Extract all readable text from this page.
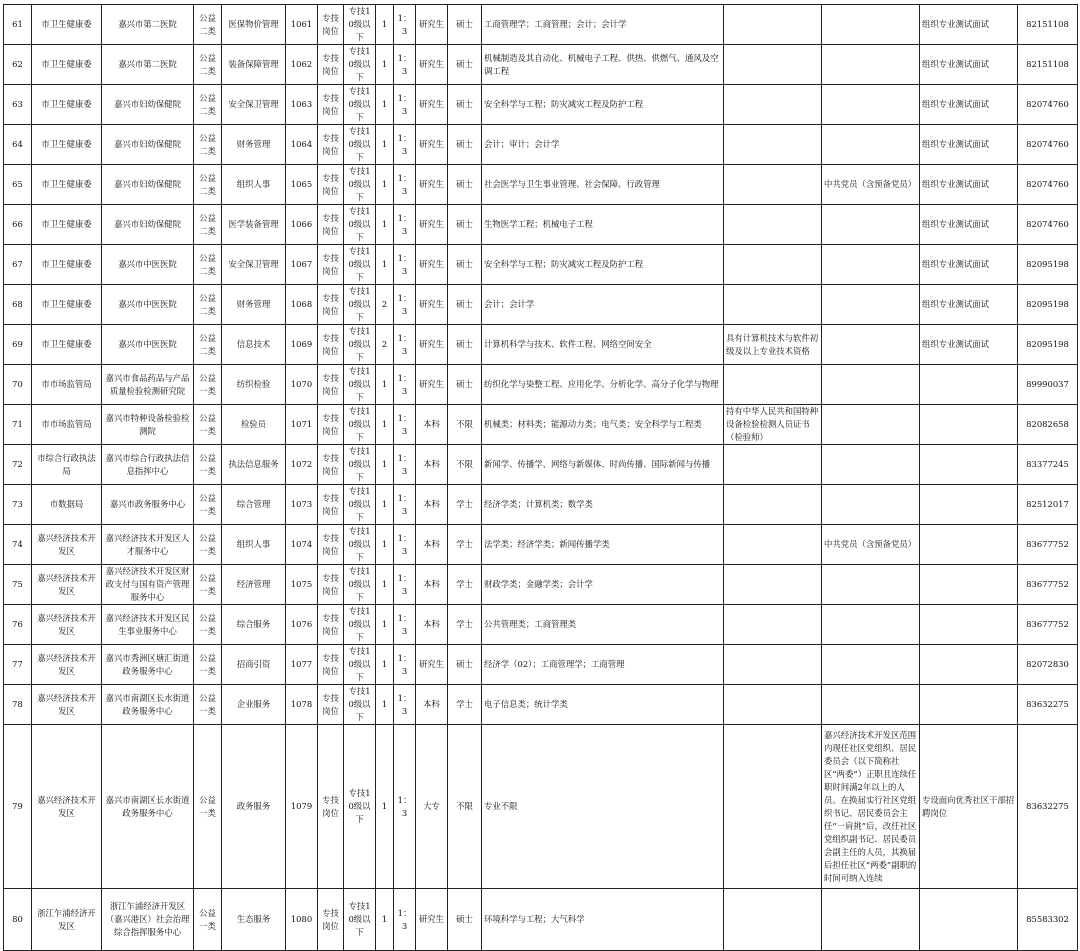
61	市卫生健康委	嘉兴市第二医院	公益二类	医保物价管理	1061	专技岗位	专技10级以下	1	1：3	研究生	硕士	工商管理学；工商管理；会计；会计学			组织专业测试面试	82151108

62	市卫生健康委	嘉兴市第二医院	公益二类	装备保障管理	1062	专技岗位	专技10级以下	1	1：3	研究生	硕士	机械制造及其自动化、机械电子工程、供热、供燃气、通风及空调工程			组织专业测试面试	82151108

63	市卫生健康委	嘉兴市妇幼保健院	公益二类	安全保卫管理	1063	专技岗位	专技10级以下	1	1：3	研究生	硕士	安全科学与工程；防灾减灾工程及防护工程			组织专业测试面试	82074760

64	市卫生健康委	嘉兴市妇幼保健院	公益二类	财务管理	1064	专技岗位	专技10级以下	1	1：3	研究生	硕士	会计；审计；会计学			组织专业测试面试	82074760

65	市卫生健康委	嘉兴市妇幼保健院	公益二类	组织人事	1065	专技岗位	专技10级以下	1	1：3	研究生	硕士	社会医学与卫生事业管理、社会保障、行政管理		中共党员（含预备党员）	组织专业测试面试	82074760

66	市卫生健康委	嘉兴市妇幼保健院	公益二类	医学装备管理	1066	专技岗位	专技10级以下	1	1：3	研究生	硕士	生物医学工程；机械电子工程			组织专业测试面试	82074760

67	市卫生健康委	嘉兴市中医医院	公益二类	安全保卫管理	1067	专技岗位	专技10级以下	1	1：3	研究生	硕士	安全科学与工程；防灾减灾工程及防护工程			组织专业测试面试	82095198

68	市卫生健康委	嘉兴市中医医院	公益二类	财务管理	1068	专技岗位	专技10级以下	2	1：3	研究生	硕士	会计；会计学			组织专业测试面试	82095198

69	市卫生健康委	嘉兴市中医医院	公益二类	信息技术	1069	专技岗位	专技10级以下	2	1：3	研究生	硕士	计算机科学与技术、软件工程、网络空间安全	具有计算机技术与软件初级及以上专业技术资格		组织专业测试面试	82095198

70	市市场监管局	嘉兴市食品药品与产品质量检验检测研究院	公益一类	纺织检验	1070	专技岗位	专技10级以下	1	1：3	研究生	硕士	纺织化学与染整工程、应用化学、分析化学、高分子化学与物理				89990037

71	市市场监管局	嘉兴市特种设备检验检测院	公益一类	检验员	1071	专技岗位	专技10级以下	1	1：3	本科	不限	机械类；材料类；能源动力类；电气类；安全科学与工程类	持有中华人民共和国特种设备检验检测人员证书（检验师）			82082658

72	市综合行政执法局	嘉兴市综合行政执法信息指挥中心	公益一类	执法信息服务	1072	专技岗位	专技10级以下	1	1：3	本科	不限	新闻学、传播学、网络与新媒体、时尚传播、国际新闻与传播				83377245

73	市数据局	嘉兴市政务服务中心	公益一类	综合管理	1073	专技岗位	专技10级以下	1	1：3	本科	学士	经济学类；计算机类；数学类				82512017

74	嘉兴经济技术开发区	嘉兴经济技术开发区人才服务中心	公益一类	组织人事	1074	专技岗位	专技10级以下	1	1：3	本科	学士	法学类；经济学类；新闻传播学类		中共党员（含预备党员）		83677752

75	嘉兴经济技术开发区	嘉兴经济技术开发区财政支付与国有资产管理服务中心	公益一类	经济管理	1075	专技岗位	专技10级以下	1	1：3	本科	学士	财政学类；金融学类；会计学				83677752

76	嘉兴经济技术开发区	嘉兴经济技术开发区民生事业服务中心	公益一类	综合服务	1076	专技岗位	专技10级以下	1	1：3	本科	学士	公共管理类；工商管理类				83677752

77	嘉兴经济技术开发区	嘉兴市秀洲区塘汇街道政务服务中心	公益一类	招商引资	1077	专技岗位	专技10级以下	1	1：3	研究生	硕士	经济学（02）；工商管理学；工商管理				82072830

78	嘉兴经济技术开发区	嘉兴市南湖区长水街道政务服务中心	公益一类	企业服务	1078	专技岗位	专技10级以下	1	1：3	本科	学士	电子信息类；统计学类				83632275

79	嘉兴经济技术开发区	嘉兴市南湖区长水街道政务服务中心	公益一类	政务服务	1079	专技岗位	专技10级以下	1	1：3	大专	不限	专业不限		嘉兴经济技术开发区范围内现任社区党组织、居民委员会（以下简称社区“两委”）正职且连续任职时间满2年以上的人员。在换届实行社区党组织书记、居民委员会主任“一肩挑”后，改任社区党组织副书记、居民委员会副主任的人员，其换届后担任社区“两委”副职的时间可纳入连续	专设面向优秀社区干部招聘岗位	83632275

80	浙江乍浦经济开发区	浙江乍浦经济开发区（嘉兴港区）社会治理综合指挥服务中心	公益一类	生态服务	1080	专技岗位	专技10级以下	1	1：3	研究生	硕士	环境科学与工程；大气科学				85583302
